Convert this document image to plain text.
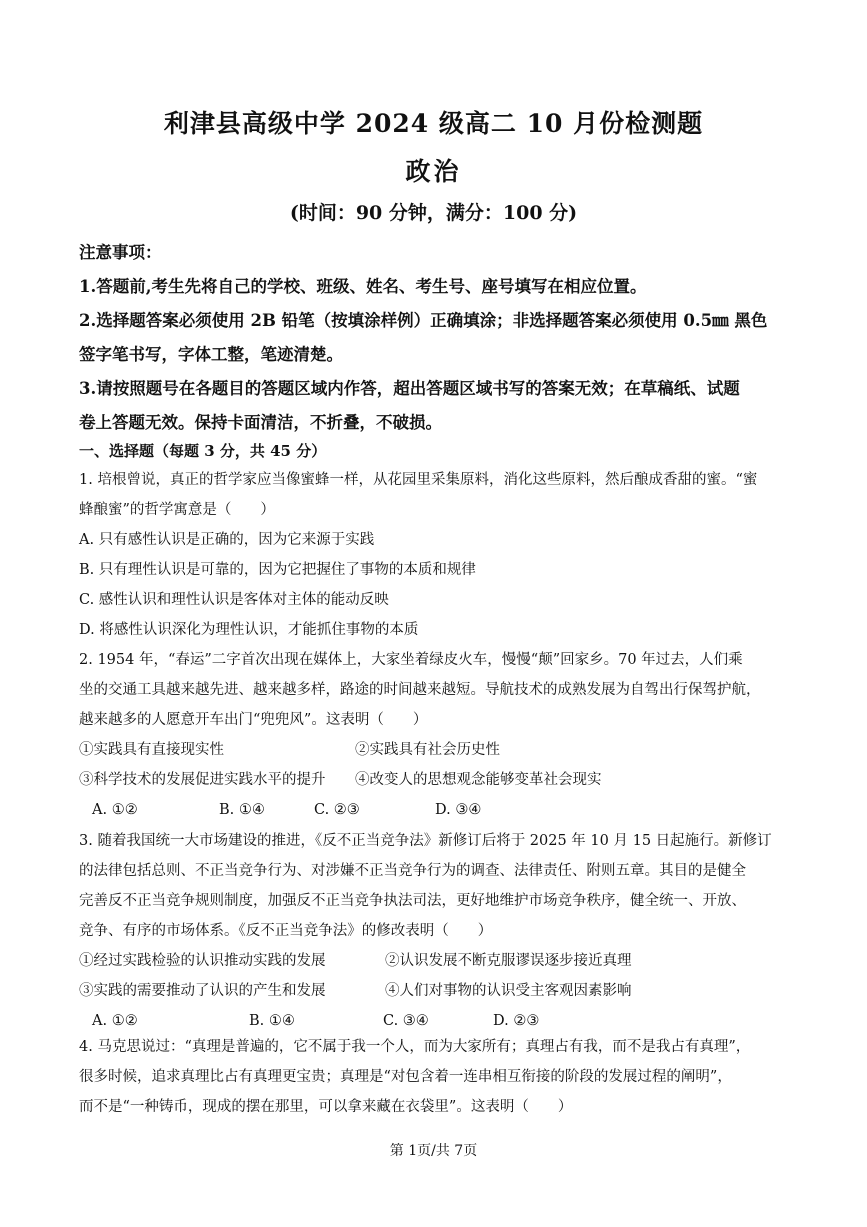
利津县高级中学 2024 级高二 10 月份检测题
政治
(时间：90 分钟，满分：100 分)
注意事项：
1.答题前,考生先将自己的学校、班级、姓名、考生号、座号填写在相应位置。
2.选择题答案必须使用 2B 铅笔（按填涂样例）正确填涂；非选择题答案必须使用 0.5㎜ 黑色
签字笔书写，字体工整，笔迹清楚。
3.请按照题号在各题目的答题区域内作答，超出答题区域书写的答案无效；在草稿纸、试题
卷上答题无效。保持卡面清洁，不折叠，不破损。
一、选择题（每题 3 分，共 45 分）
1. 培根曾说，真正的哲学家应当像蜜蜂一样，从花园里采集原料，消化这些原料，然后酿成香甜的蜜。“蜜
蜂酿蜜”的哲学寓意是（　　）
A. 只有感性认识是正确的，因为它来源于实践
B. 只有理性认识是可靠的，因为它把握住了事物的本质和规律
C. 感性认识和理性认识是客体对主体的能动反映
D. 将感性认识深化为理性认识，才能抓住事物的本质
2. 1954 年，“春运”二字首次出现在媒体上，大家坐着绿皮火车，慢慢“颠”回家乡。70 年过去，人们乘
坐的交通工具越来越先进、越来越多样，路途的时间越来越短。导航技术的成熟发展为自驾出行保驾护航，
越来越多的人愿意开车出门“兜兜风”。这表明（　　）
①实践具有直接现实性	②实践具有社会历史性
③科学技术的发展促进实践水平的提升	④改变人的思想观念能够变革社会现实
A. ①②	B. ①④	C. ②③	D. ③④
3. 随着我国统一大市场建设的推进，《反不正当竞争法》新修订后将于 2025 年 10 月 15 日起施行。新修订
的法律包括总则、不正当竞争行为、对涉嫌不正当竞争行为的调查、法律责任、附则五章。其目的是健全
完善反不正当竞争规则制度，加强反不正当竞争执法司法，更好地维护市场竞争秩序，健全统一、开放、
竞争、有序的市场体系。《反不正当竞争法》的修改表明（　　）
①经过实践检验的认识推动实践的发展	②认识发展不断克服谬误逐步接近真理
③实践的需要推动了认识的产生和发展	④人们对事物的认识受主客观因素影响
A. ①②	B. ①④	C. ③④	D. ②③
4. 马克思说过：“真理是普遍的，它不属于我一个人，而为大家所有；真理占有我，而不是我占有真理”，
很多时候，追求真理比占有真理更宝贵；真理是“对包含着一连串相互衔接的阶段的发展过程的阐明”，
而不是“一种铸币，现成的摆在那里，可以拿来藏在衣袋里”。这表明（　　）
第 1页/共 7页
